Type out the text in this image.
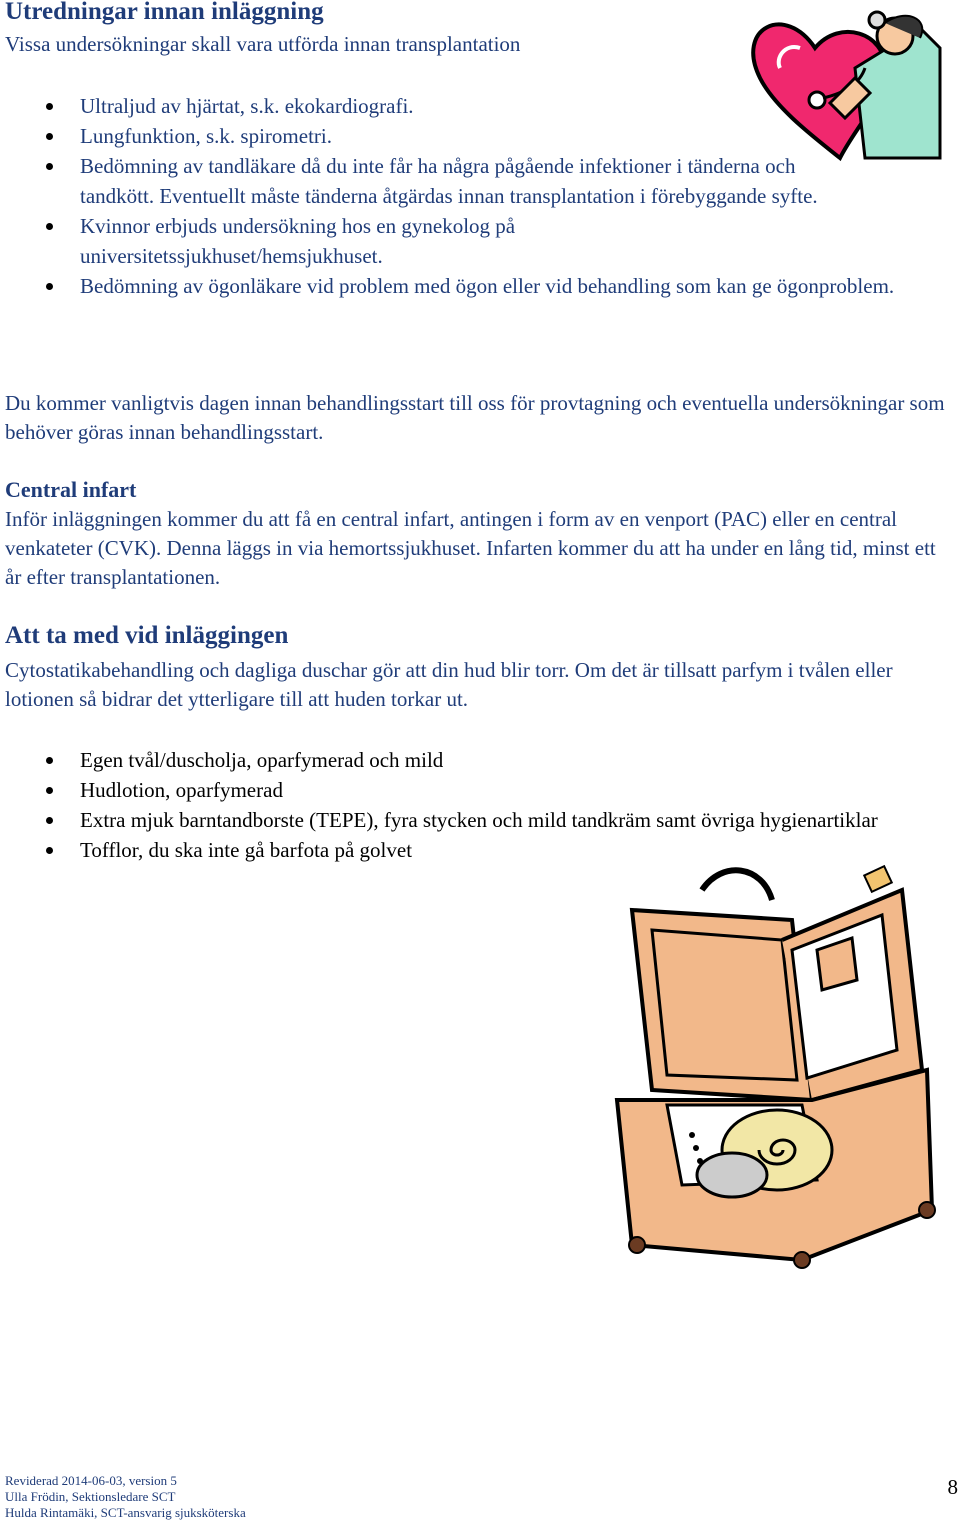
Utredningar innan inläggning
Vissa undersökningar skall vara utförda innan transplantation
Ultraljud av hjärtat, s.k. ekokardiografi.
Lungfunktion, s.k. spirometri.
Bedömning av tandläkare då du inte får ha några pågående infektioner i tänderna och tandkött. Eventuellt måste tänderna åtgärdas innan transplantation i förebyggande syfte.
Kvinnor erbjuds undersökning hos en gynekolog på universitetssjukhuset/hemsjukhuset.
Bedömning av ögonläkare vid problem med ögon eller vid behandling som kan ge ögonproblem.
Du kommer vanligtvis dagen innan behandlingsstart till oss för provtagning och eventuella undersökningar som behöver göras innan behandlingsstart.
Central infart
Inför inläggningen kommer du att få en central infart, antingen i form av en venport (PAC) eller en central venkateter (CVK). Denna läggs in via hemortssjukhuset. Infarten kommer du att ha under en lång tid, minst ett år efter transplantationen.
Att ta med vid inläggingen
Cytostatikabehandling och dagliga duschar gör att din hud blir torr. Om det är tillsatt parfym i tvålen eller lotionen så bidrar det ytterligare till att huden torkar ut.
Egen tvål/duscholja, oparfymerad och mild
Hudlotion, oparfymerad
Extra mjuk barntandborste (TEPE), fyra stycken och mild tandkräm samt övriga hygienartiklar
Tofflor, du ska inte gå barfota på golvet
Reviderad 2014-06-03, version 5
Ulla Frödin, Sektionsledare SCT
Hulda Rintamäki, SCT-ansvarig sjuksköterska
8
